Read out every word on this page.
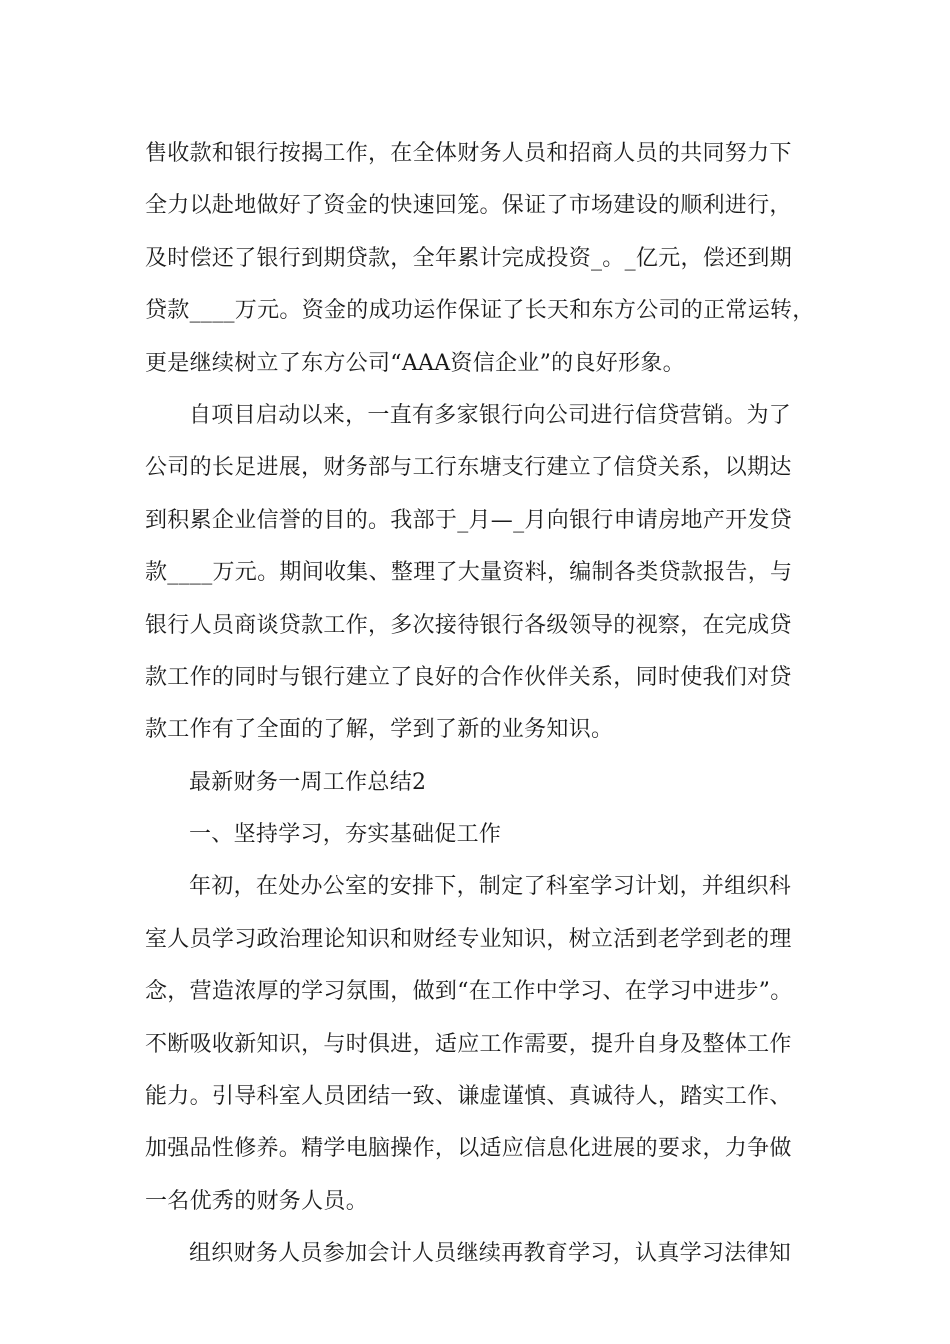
售收款和银行按揭工作，在全体财务人员和招商人员的共同努力下
全力以赴地做好了资金的快速回笼。保证了市场建设的顺利进行，
及时偿还了银行到期贷款，全年累计完成投资_。_亿元，偿还到期
贷款____万元。资金的成功运作保证了长天和东方公司的正常运转，
更是继续树立了东方公司“AAA资信企业”的良好形象。
自项目启动以来，一直有多家银行向公司进行信贷营销。为了
公司的长足进展，财务部与工行东塘支行建立了信贷关系，以期达
到积累企业信誉的目的。我部于_月—_月向银行申请房地产开发贷
款____万元。期间收集、整理了大量资料，编制各类贷款报告，与
银行人员商谈贷款工作，多次接待银行各级领导的视察，在完成贷
款工作的同时与银行建立了良好的合作伙伴关系，同时使我们对贷
款工作有了全面的了解，学到了新的业务知识。
最新财务一周工作总结2
一、坚持学习，夯实基础促工作
年初，在处办公室的安排下，制定了科室学习计划，并组织科
室人员学习政治理论知识和财经专业知识，树立活到老学到老的理
念，营造浓厚的学习氛围，做到“在工作中学习、在学习中进步”。
不断吸收新知识，与时俱进，适应工作需要，提升自身及整体工作
能力。引导科室人员团结一致、谦虚谨慎、真诚待人，踏实工作、
加强品性修养。精学电脑操作，以适应信息化进展的要求，力争做
一名优秀的财务人员。
组织财务人员参加会计人员继续再教育学习，认真学习法律知
